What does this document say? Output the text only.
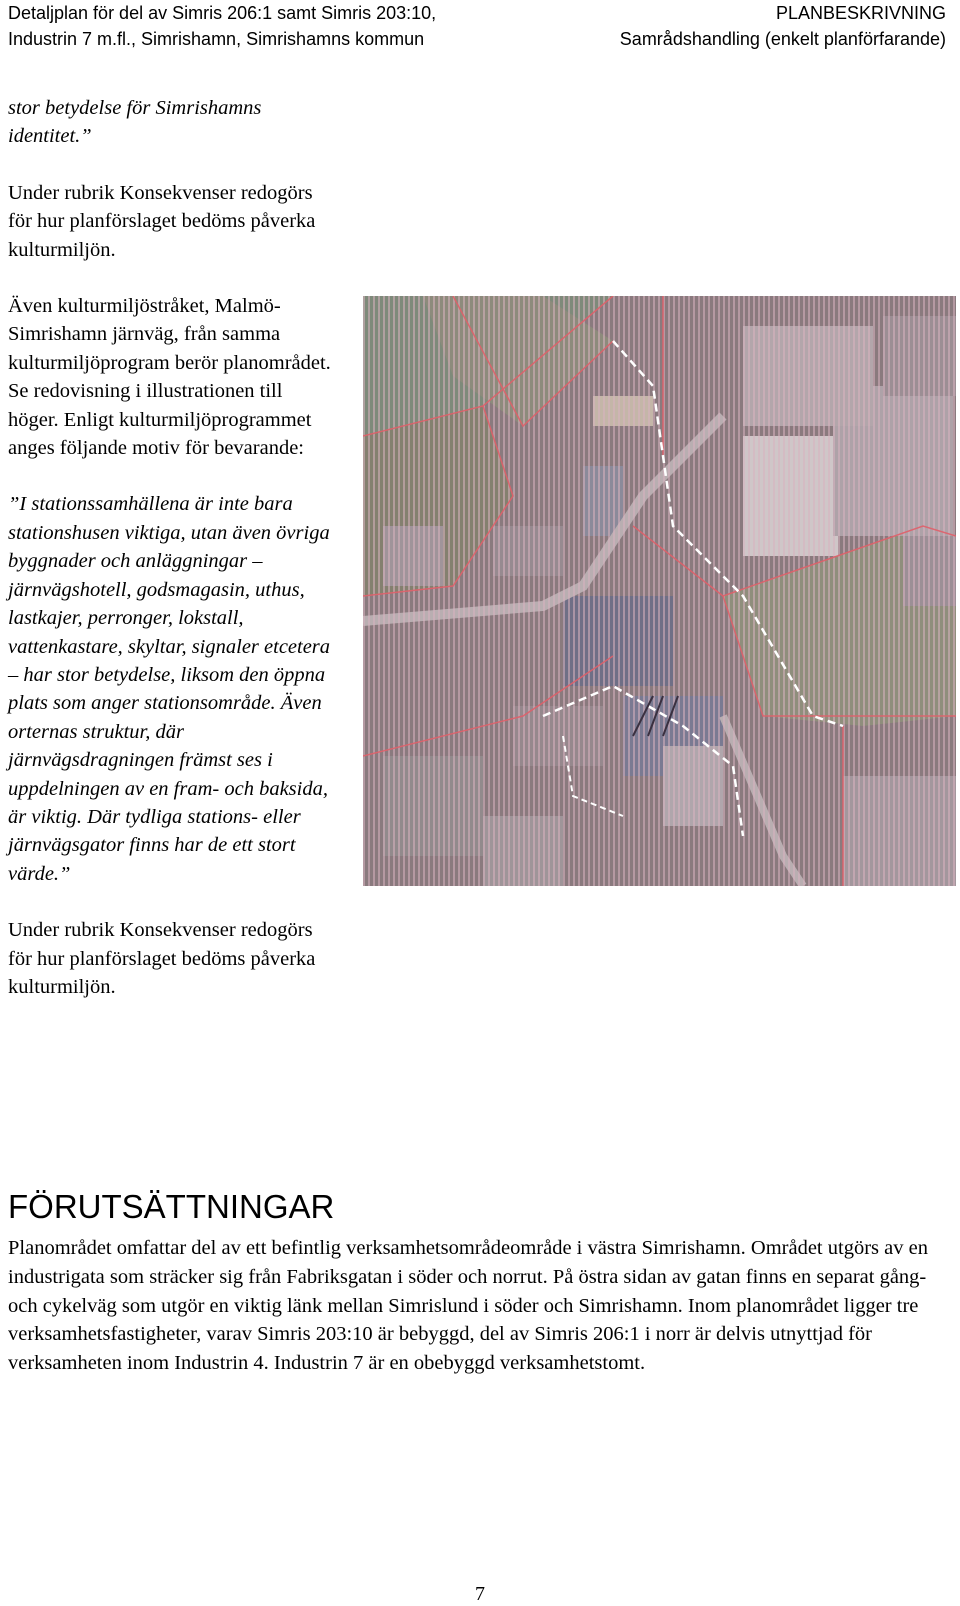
Detaljplan för del av Simris 206:1 samt Simris 203:10,
Industrin 7 m.fl., Simrishamn, Simrishamns kommun
PLANBESKRIVNING
Samrådshandling (enkelt planförfarande)

stor betydelse för Simrishamns identitet.”

Under rubrik Konsekvenser redogörs för hur planförslaget bedöms påverka kulturmiljön.

Även kulturmiljöstråket, Malmö-Simrishamn järnväg, från samma kulturmiljöprogram berör planområdet. Se redovisning i illustrationen till höger. Enligt kulturmiljöprogrammet anges följande motiv för bevarande:

”I stationssamhällena är inte bara stationshusen viktiga, utan även övriga byggnader och anläggningar – järnvägshotell, godsmagasin, uthus, lastkajer, perronger, lokstall, vattenkastare, skyltar, signaler etcetera – har stor betydelse, liksom den öppna plats som anger stationsområde. Även orternas struktur, där järnvägsdragningen främst ses i uppdelningen av en fram- och baksida, är viktig. Där tydliga stations- eller järnvägsgator finns har de ett stort värde.”

Under rubrik Konsekvenser redogörs för hur planförslaget bedöms påverka kulturmiljön.

FÖRUTSÄTTNINGAR

Planområdet omfattar del av ett befintlig verksamhetsområdeområde i västra Simrishamn. Området utgörs av en industrigata som sträcker sig från Fabriksgatan i söder och norrut. På östra sidan av gatan finns en separat gång- och cykelväg som utgör en viktig länk mellan Simrislund i söder och Simrishamn. Inom planområdet ligger tre verksamhetsfastigheter, varav Simris 203:10 är bebyggd, del av Simris 206:1 i norr är delvis utnyttjad för verksamheten inom Industrin 4. Industrin 7 är en obebyggd verksamhetstomt.

7
